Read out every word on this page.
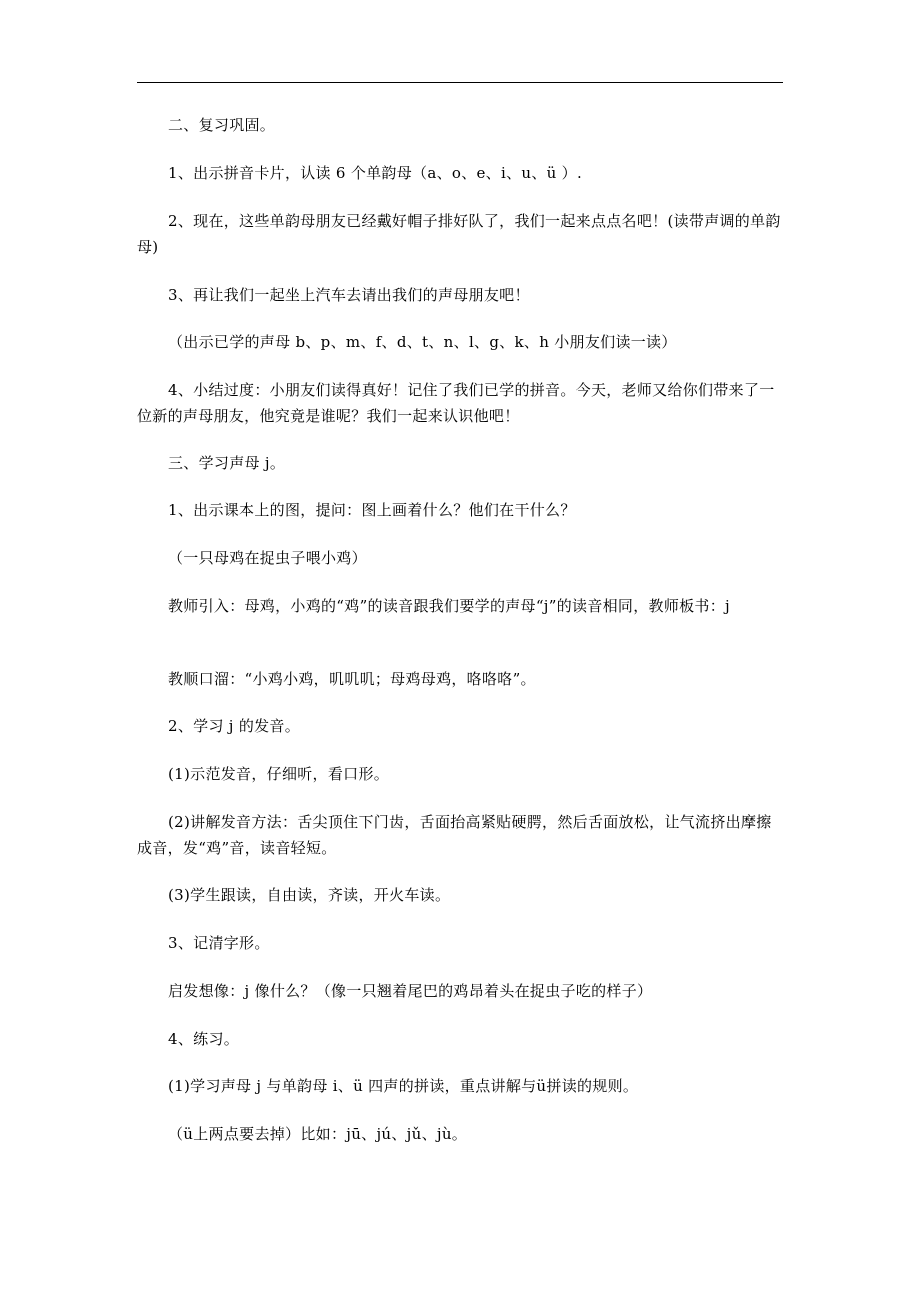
二、复习巩固。

1、出示拼音卡片，认读 6 个单韵母（a、o、e、i、u、ü ）.

2、现在，这些单韵母朋友已经戴好帽子排好队了，我们一起来点点名吧！(读带声调的单韵母)

3、再让我们一起坐上汽车去请出我们的声母朋友吧！

（出示已学的声母 b、p、m、f、d、t、n、l、g、k、h 小朋友们读一读）

4、小结过度：小朋友们读得真好！记住了我们已学的拼音。今天，老师又给你们带来了一位新的声母朋友，他究竟是谁呢？我们一起来认识他吧！

三、学习声母 j。

1、出示课本上的图，提问：图上画着什么？他们在干什么？

（一只母鸡在捉虫子喂小鸡）

教师引入：母鸡，小鸡的“鸡”的读音跟我们要学的声母“j”的读音相同，教师板书：j

教顺口溜：“小鸡小鸡，叽叽叽；母鸡母鸡，咯咯咯”。

2、学习 j 的发音。

(1)示范发音，仔细听，看口形。

(2)讲解发音方法：舌尖顶住下门齿，舌面抬高紧贴硬腭，然后舌面放松，让气流挤出摩擦成音，发“鸡”音，读音轻短。

(3)学生跟读，自由读，齐读，开火车读。

3、记清字形。

启发想像：j 像什么？（像一只翘着尾巴的鸡昂着头在捉虫子吃的样子）

4、练习。

(1)学习声母 j 与单韵母 i、ü 四声的拼读，重点讲解与ü拼读的规则。

（ü上两点要去掉）比如：jū、jú、jǔ、jù。
